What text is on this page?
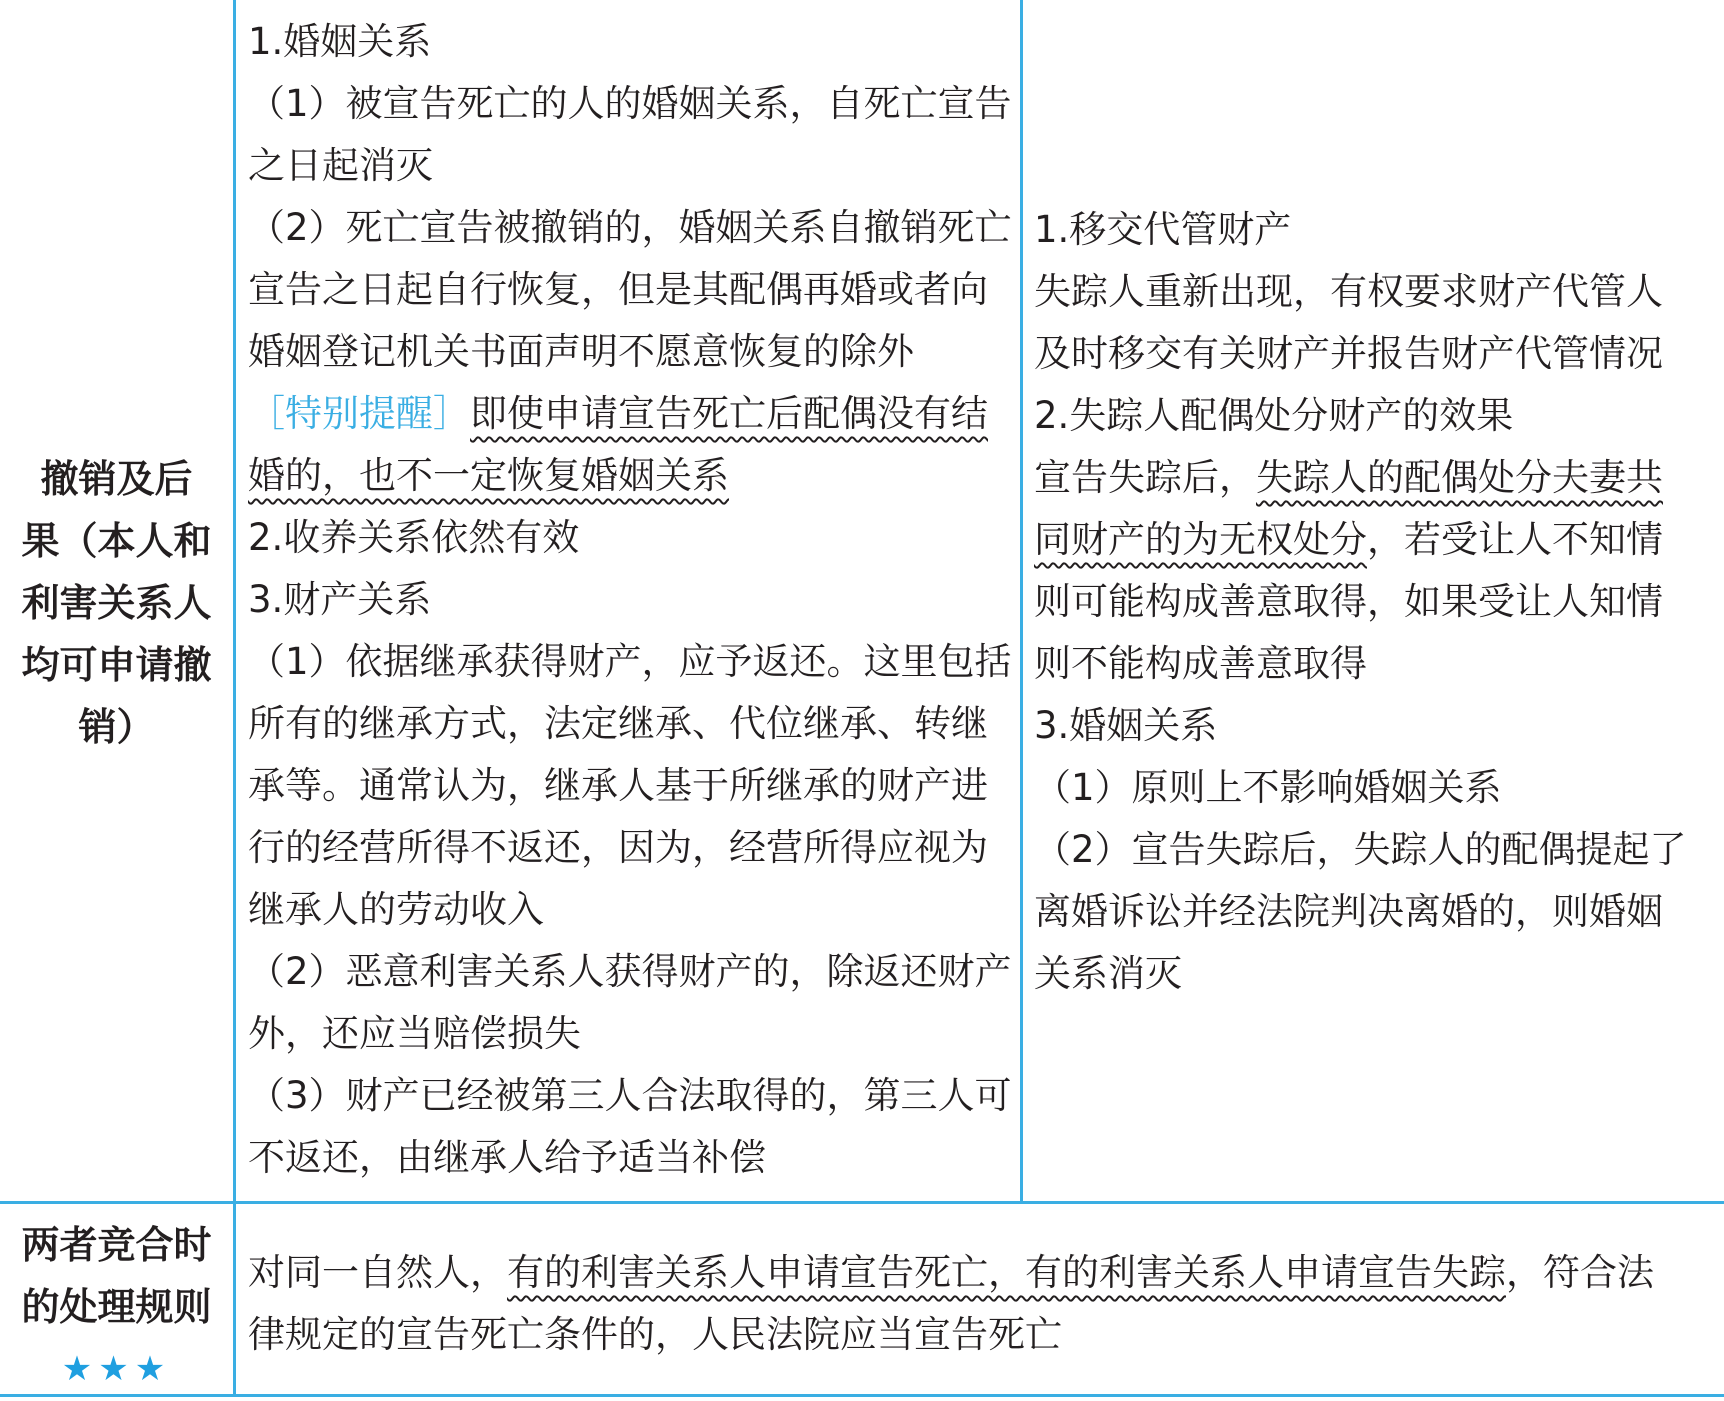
撤销及后
果（本人和
利害关系人
均可申请撤
销）

1.婚姻关系

（1）被宣告死亡的人的婚姻关系，自死亡宣告

之日起消灭

（2）死亡宣告被撤销的，婚姻关系自撤销死亡

宣告之日起自行恢复，但是其配偶再婚或者向

婚姻登记机关书面声明不愿意恢复的除外

［特别提醒］即使申请宣告死亡后配偶没有结

婚的，也不一定恢复婚姻关系

2.收养关系依然有效

3.财产关系

（1）依据继承获得财产，应予返还。这里包括

所有的继承方式，法定继承、代位继承、转继

承等。通常认为，继承人基于所继承的财产进

行的经营所得不返还，因为，经营所得应视为

继承人的劳动收入

（2）恶意利害关系人获得财产的，除返还财产

外，还应当赔偿损失

（3）财产已经被第三人合法取得的，第三人可

不返还，由继承人给予适当补偿

1.移交代管财产

失踪人重新出现，有权要求财产代管人

及时移交有关财产并报告财产代管情况

2.失踪人配偶处分财产的效果

宣告失踪后，失踪人的配偶处分夫妻共

同财产的为无权处分，若受让人不知情

则可能构成善意取得，如果受让人知情

则不能构成善意取得

3.婚姻关系

（1）原则上不影响婚姻关系

（2）宣告失踪后，失踪人的配偶提起了

离婚诉讼并经法院判决离婚的，则婚姻

关系消灭

两者竞合时
的处理规则
★★★

对同一自然人，有的利害关系人申请宣告死亡，有的利害关系人申请宣告失踪，符合法

律规定的宣告死亡条件的，人民法院应当宣告死亡
